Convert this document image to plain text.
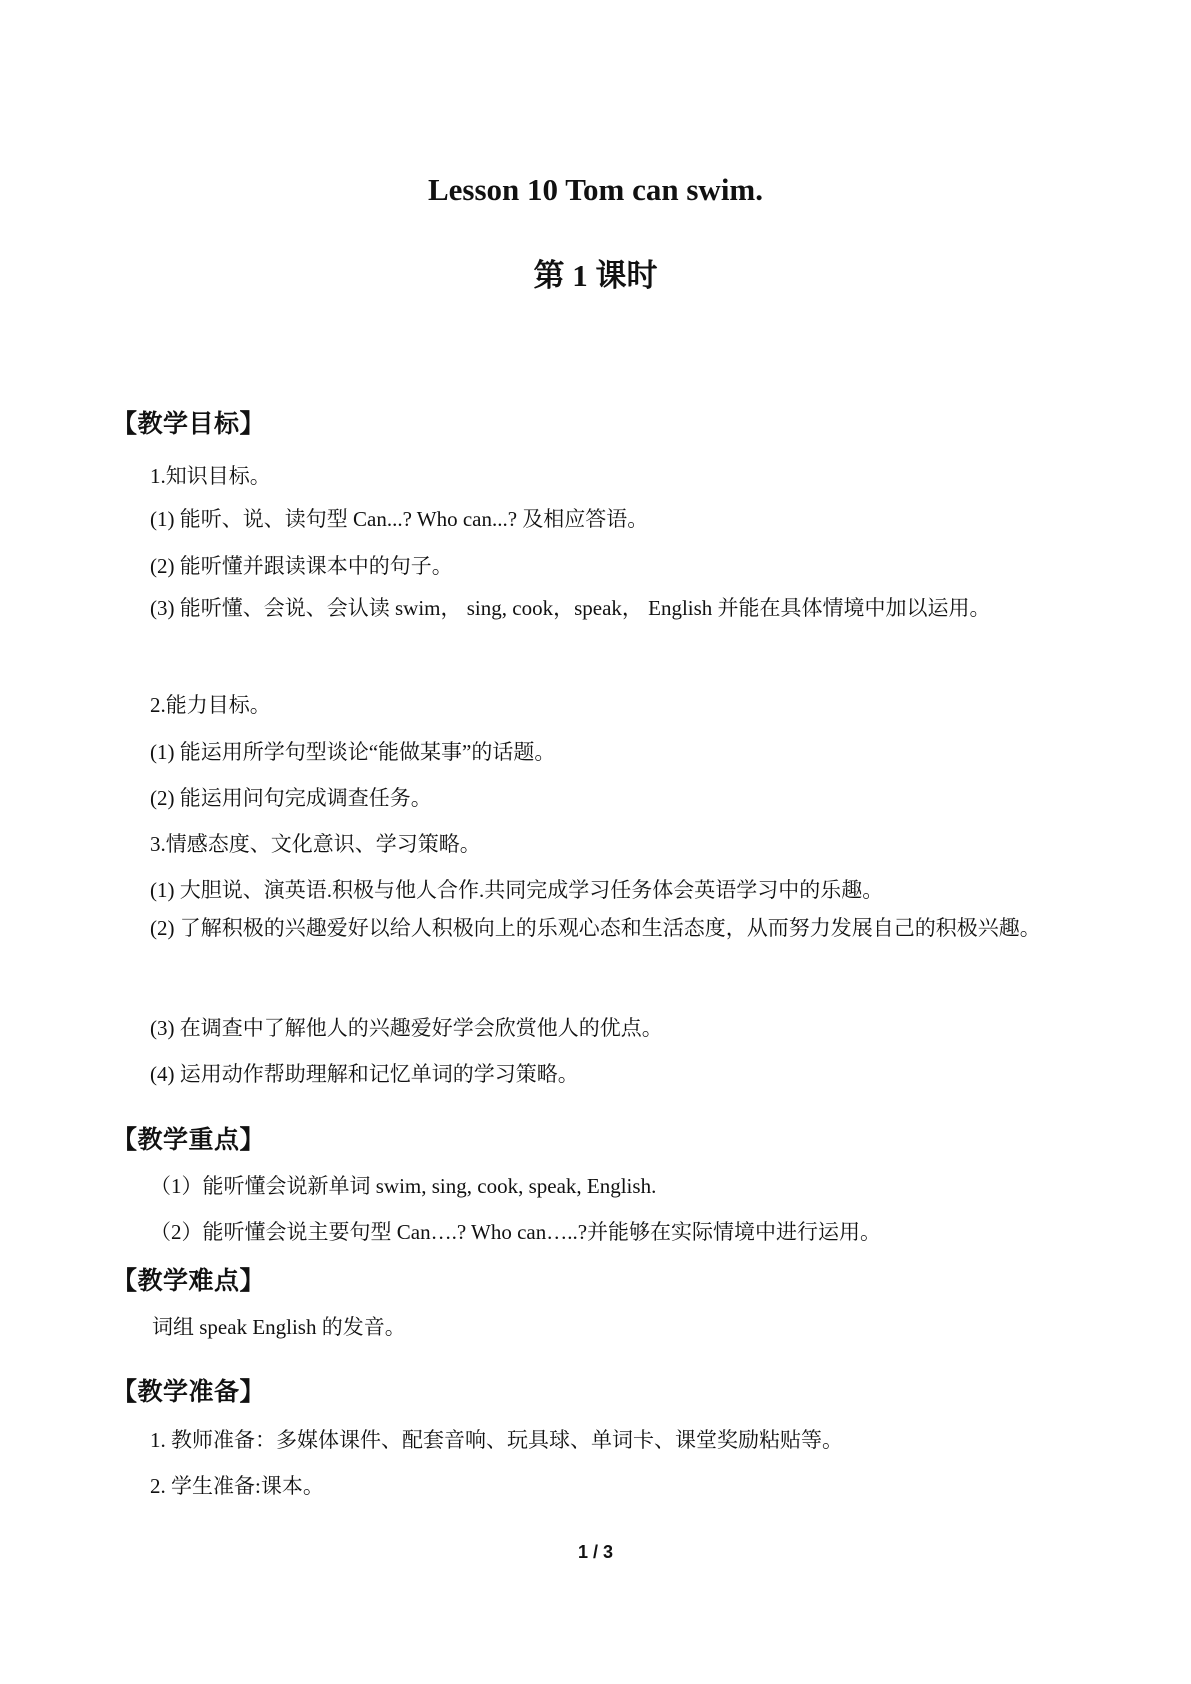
Lesson 10 Tom can swim.
第 1 课时
【教学目标】
1.知识目标。
(1) 能听、说、读句型 Can...? Who can...? 及相应答语。
(2) 能听懂并跟读课本中的句子。
(3) 能听懂、会说、会认读 swim， sing, cook，speak， English 并能在具体情境中加以运用。
2.能力目标。
(1) 能运用所学句型谈论“能做某事”的话题。
(2) 能运用问句完成调查任务。
3.情感态度、文化意识、学习策略。
(1) 大胆说、演英语.积极与他人合作.共同完成学习任务体会英语学习中的乐趣。
(2) 了解积极的兴趣爱好以给人积极向上的乐观心态和生活态度，从而努力发展自己的积极兴趣。
(3) 在调查中了解他人的兴趣爱好学会欣赏他人的优点。
(4) 运用动作帮助理解和记忆单词的学习策略。
【教学重点】
（1）能听懂会说新单词 swim, sing, cook, speak, English.
（2）能听懂会说主要句型 Can….? Who can…..?并能够在实际情境中进行运用。
【教学难点】
词组 speak English 的发音。
【教学准备】
1. 教师准备：多媒体课件、配套音响、玩具球、单词卡、课堂奖励粘贴等。
2. 学生准备:课本。
1 / 3
